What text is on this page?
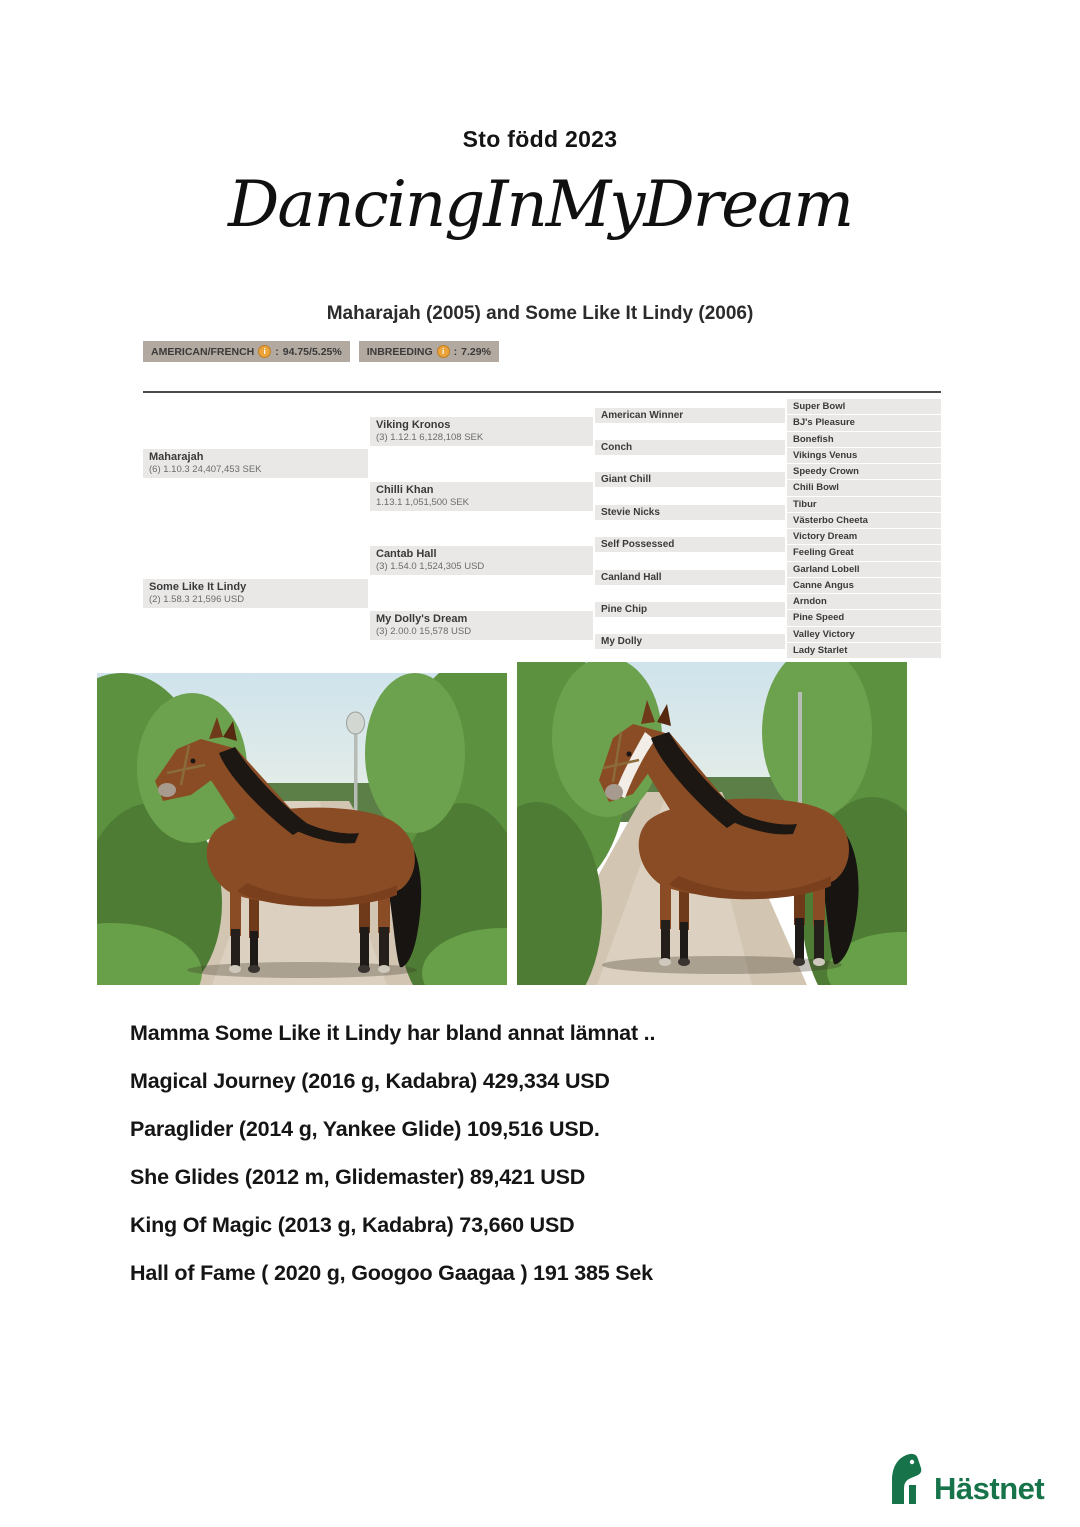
Sto född 2023
DancingInMyDream
Maharajah (2005) and Some Like It Lindy (2006)
AMERICAN/FRENCH	i : 94.75/5.25% INBREEDING	i : 7.29%
Maharajah
(6) 1.10.3 24,407,453 SEK
Some Like It Lindy
(2) 1.58.3 21,596 USD
Viking Kronos
(3) 1.12.1 6,128,108 SEK
Chilli Khan
1.13.1 1,051,500 SEK
Cantab Hall
(3) 1.54.0 1,524,305 USD
My Dolly's Dream
(3) 2.00.0 15,578 USD
American Winner
Conch
Giant Chill
Stevie Nicks
Self Possessed
Canland Hall
Pine Chip
My Dolly
Super Bowl
BJ's Pleasure
Bonefish
Vikings Venus
Speedy Crown
Chili Bowl
Tibur
Västerbo Cheeta
Victory Dream
Feeling Great
Garland Lobell
Canne Angus
Arndon
Pine Speed
Valley Victory
Lady Starlet

Mamma Some Like it Lindy har bland annat lämnat ..

Magical Journey (2016 g, Kadabra) 429,334 USD

Paraglider (2014 g, Yankee Glide) 109,516 USD.

She Glides (2012 m, Glidemaster) 89,421 USD

King Of Magic (2013 g, Kadabra) 73,660 USD

Hall of Fame ( 2020 g, Googoo Gaagaa ) 191 385 Sek

Hästnet
